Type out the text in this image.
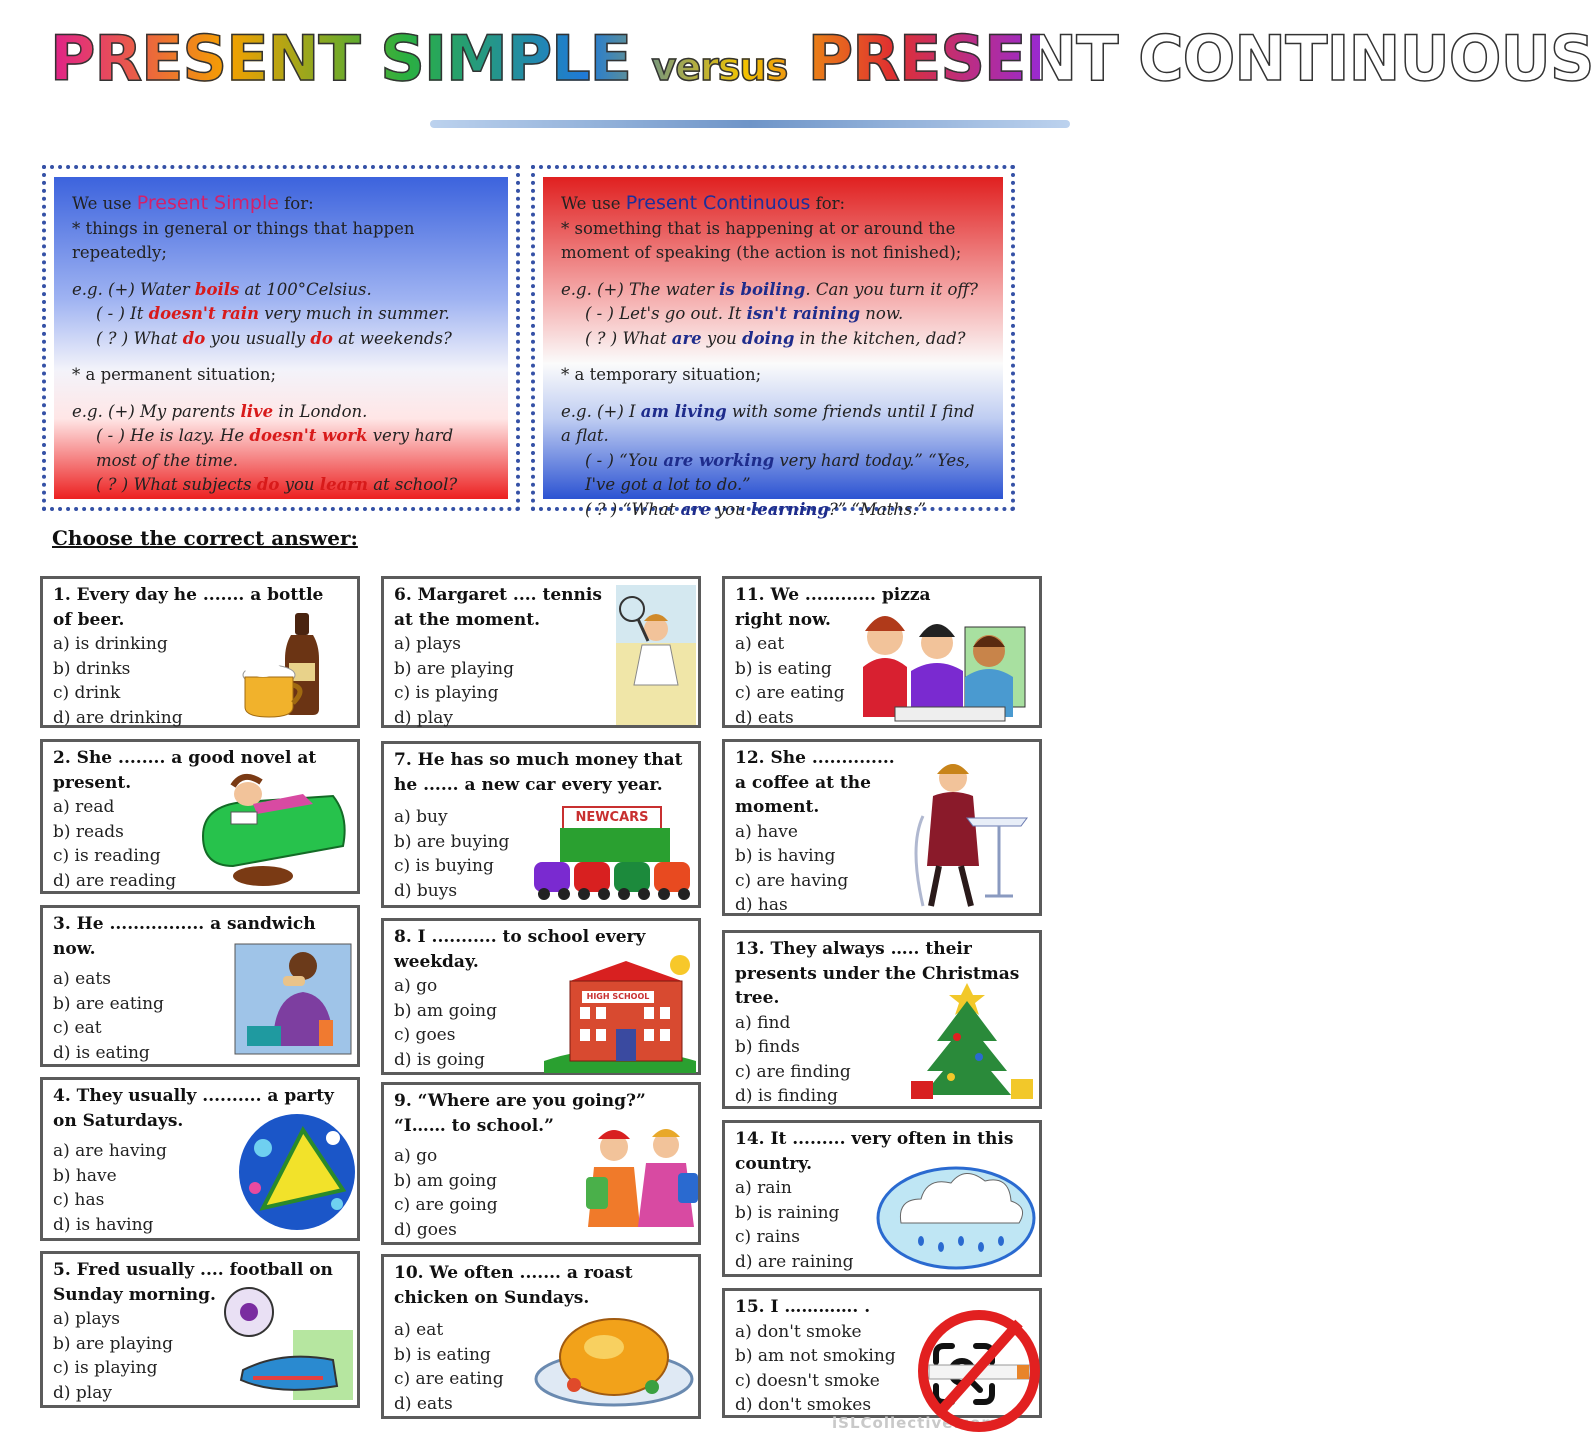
PRESENT SIMPLE versus PRESENT CONTINUOUS

We use Present Simple for:

* things in general or things that happen repeatedly;

e.g. (+) Water boils at 100°Celsius.

( - ) It doesn't rain very much in summer.

( ? ) What do you usually do at weekends?

* a permanent situation;

e.g. (+) My parents live in London.

( - ) He is lazy. He doesn't work very hard most of the time.

( ? ) What subjects do you learn at school?

We use Present Continuous for:

* something that is happening at or around the moment of speaking (the action is not finished);

e.g. (+) The water is boiling. Can you turn it off?

( - ) Let's go out. It isn't raining now.

( ? ) What are you doing in the kitchen, dad?

* a temporary situation;

e.g. (+) I am living with some friends until I find a flat.

( - ) “You are working very hard today.” “Yes, I've got a lot to do.”

( ? ) “What are you learning?” “Maths.”

Choose the correct answer:
1. Every day he ....... a bottle of beer.
a) is drinking
b) drinks
c) drink
d) are drinking
2. She ........ a good novel at present.
a) read
b) reads
c) is reading
d) are reading
3. He ................ a sandwich now.
a) eats
b) are eating
c) eat
d) is eating
4. They usually .......... a party on Saturdays.
a) are having
b) have
c) has
d) is having
5. Fred usually .... football on Sunday morning.
a) plays
b) are playing
c) is playing
d) play
6. Margaret .... tennis at the moment.
a) plays
b) are playing
c) is playing
d) play
7. He has so much money that he ...... a new car every year.
a) buy
b) are buying
c) is buying
d) buys
NEWCARS
8. I ........... to school every weekday.
a) go
b) am going
c) goes
d) is going
HIGH SCHOOL
9. “Where are you going?” “I…… to school.”
a) go
b) am going
c) are going
d) goes
10. We often ....... a roast chicken on Sundays.
a) eat
b) is eating
c) are eating
d) eats
11. We ............ pizza right now.
a) eat
b) is eating
c) are eating
d) eats
12. She .............. a coffee at the moment.
a) have
b) is having
c) are having
d) has
13. They always ….. their presents under the Christmas tree.
a) find
b) finds
c) are finding
d) is finding
14. It ......... very often in this country.
a) rain
b) is raining
c) rains
d) are raining
15. I …………. .
a) don't smoke
b) am not smoking
c) doesn't smoke
d) don't smokes
iSLCollective.com
